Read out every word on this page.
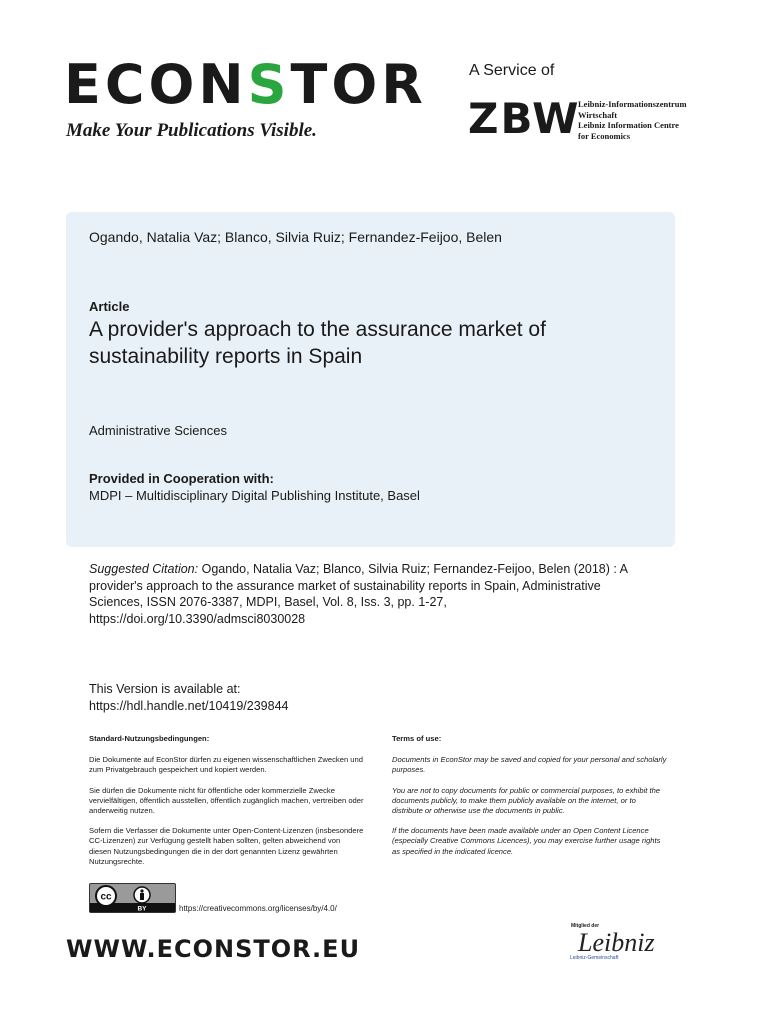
ECONSTOR
Make Your Publications Visible.
A Service of
ZBW
Leibniz-Informationszentrum
Wirtschaft
Leibniz Information Centre
for Economics
Ogando, Natalia Vaz; Blanco, Silvia Ruiz; Fernandez-Feijoo, Belen
Article
A provider's approach to the assurance market of sustainability reports in Spain
Administrative Sciences
Provided in Cooperation with:
MDPI – Multidisciplinary Digital Publishing Institute, Basel
Suggested Citation: Ogando, Natalia Vaz; Blanco, Silvia Ruiz; Fernandez-Feijoo, Belen (2018) : A provider's approach to the assurance market of sustainability reports in Spain, Administrative Sciences, ISSN 2076-3387, MDPI, Basel, Vol. 8, Iss. 3, pp. 1-27, https://doi.org/10.3390/admsci8030028
This Version is available at:
https://hdl.handle.net/10419/239844
Standard-Nutzungsbedingungen:

Die Dokumente auf EconStor dürfen zu eigenen wissenschaftlichen Zwecken und zum Privatgebrauch gespeichert und kopiert werden.

Sie dürfen die Dokumente nicht für öffentliche oder kommerzielle Zwecke vervielfältigen, öffentlich ausstellen, öffentlich zugänglich machen, vertreiben oder anderweitig nutzen.

Sofern die Verfasser die Dokumente unter Open-Content-Lizenzen (insbesondere CC-Lizenzen) zur Verfügung gestellt haben sollten, gelten abweichend von diesen Nutzungsbedingungen die in der dort genannten Lizenz gewährten Nutzungsrechte.

Terms of use:

Documents in EconStor may be saved and copied for your personal and scholarly purposes.

You are not to copy documents for public or commercial purposes, to exhibit the documents publicly, to make them publicly available on the internet, or to distribute or otherwise use the documents in public.

If the documents have been made available under an Open Content Licence (especially Creative Commons Licences), you may exercise further usage rights as specified in the indicated licence.

cc
BY	https://creativecommons.org/licenses/by/4.0/
WWW.ECONSTOR.EU
Mitglied der
Leibniz
Leibniz-Gemeinschaft
